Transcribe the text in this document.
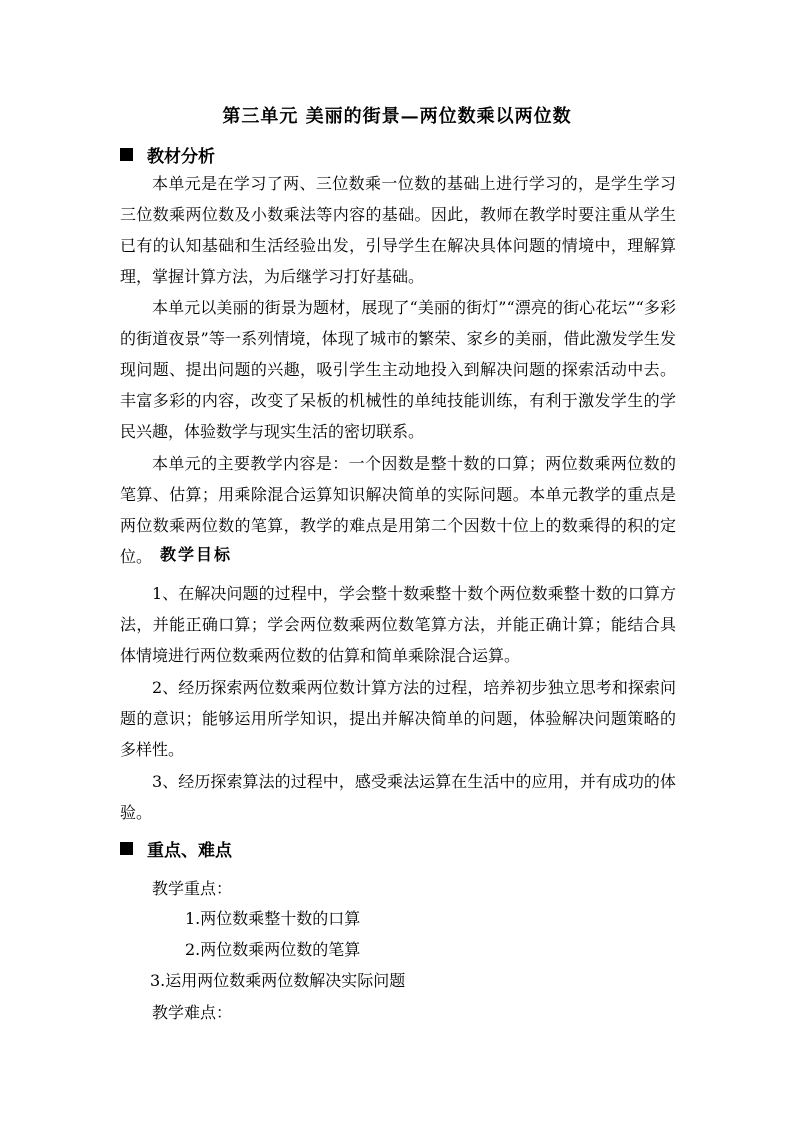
第三单元 美丽的街景—两位数乘以两位数
教材分析
本单元是在学习了两、三位数乘一位数的基础上进行学习的，是学生学习三位数乘两位数及小数乘法等内容的基础。因此，教师在教学时要注重从学生已有的认知基础和生活经验出发，引导学生在解决具体问题的情境中，理解算理，掌握计算方法，为后继学习打好基础。
本单元以美丽的街景为题材，展现了“美丽的街灯”“漂亮的街心花坛”“多彩的街道夜景”等一系列情境，体现了城市的繁荣、家乡的美丽，借此激发学生发现问题、提出问题的兴趣，吸引学生主动地投入到解决问题的探索活动中去。丰富多彩的内容，改变了呆板的机械性的单纯技能训练，有利于激发学生的学民兴趣，体验数学与现实生活的密切联系。
本单元的主要教学内容是：一个因数是整十数的口算；两位数乘两位数的笔算、估算；用乘除混合运算知识解决简单的实际问题。本单元教学的重点是两位数乘两位数的笔算，教学的难点是用第二个因数十位上的数乘得的积的定位。 教学目标
1、在解决问题的过程中，学会整十数乘整十数个两位数乘整十数的口算方法，并能正确口算；学会两位数乘两位数笔算方法，并能正确计算；能结合具体情境进行两位数乘两位数的估算和简单乘除混合运算。
2、经历探索两位数乘两位数计算方法的过程，培养初步独立思考和探索问题的意识；能够运用所学知识，提出并解决简单的问题，体验解决问题策略的多样性。
3、经历探索算法的过程中，感受乘法运算在生活中的应用，并有成功的体验。
重点、难点
教学重点：
1.两位数乘整十数的口算
2.两位数乘两位数的笔算
3.运用两位数乘两位数解决实际问题
教学难点：
